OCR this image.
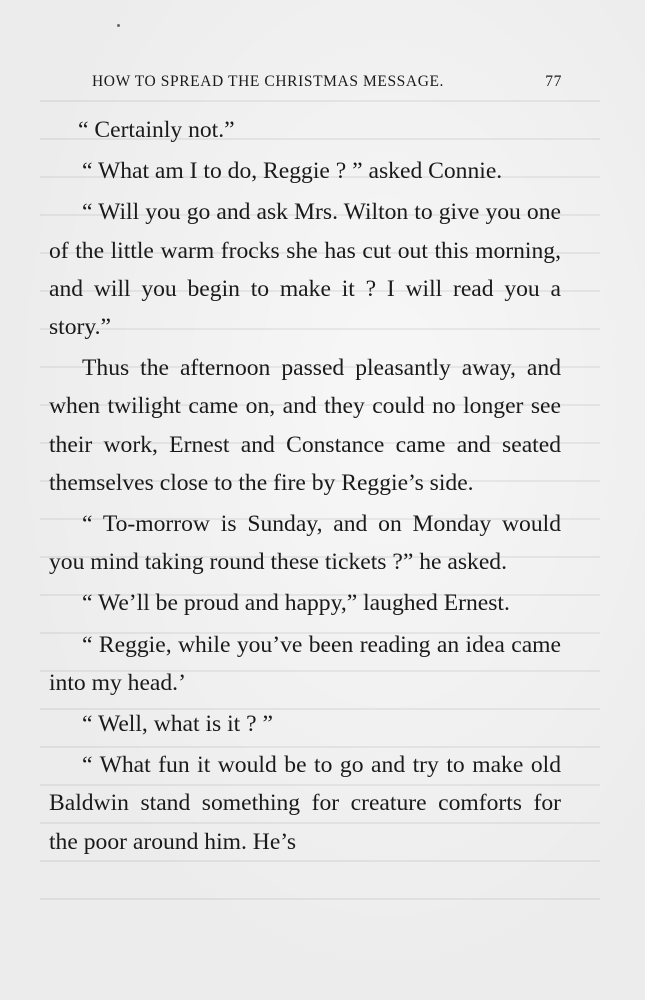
HOW TO SPREAD THE CHRISTMAS MESSAGE.	77

“ Certainly not.”

“ What am I to do, Reggie ? ” asked Connie.

“ Will you go and ask Mrs. Wilton to give you one of the little warm frocks she has cut out this morning, and will you begin to make it ? I will read you a story.”

Thus the afternoon passed pleasantly away, and when twilight came on, and they could no longer see their work, Ernest and Constance came and seated themselves close to the fire by Reggie’s side.

“ To-morrow is Sunday, and on Monday would you mind taking round these tickets ?” he asked.

“ We’ll be proud and happy,” laughed Ernest.

“ Reggie, while you’ve been reading an idea came into my head.’

“ Well, what is it ? ”

“ What fun it would be to go and try to make old Baldwin stand something for creature comforts for the poor around him. He’s
